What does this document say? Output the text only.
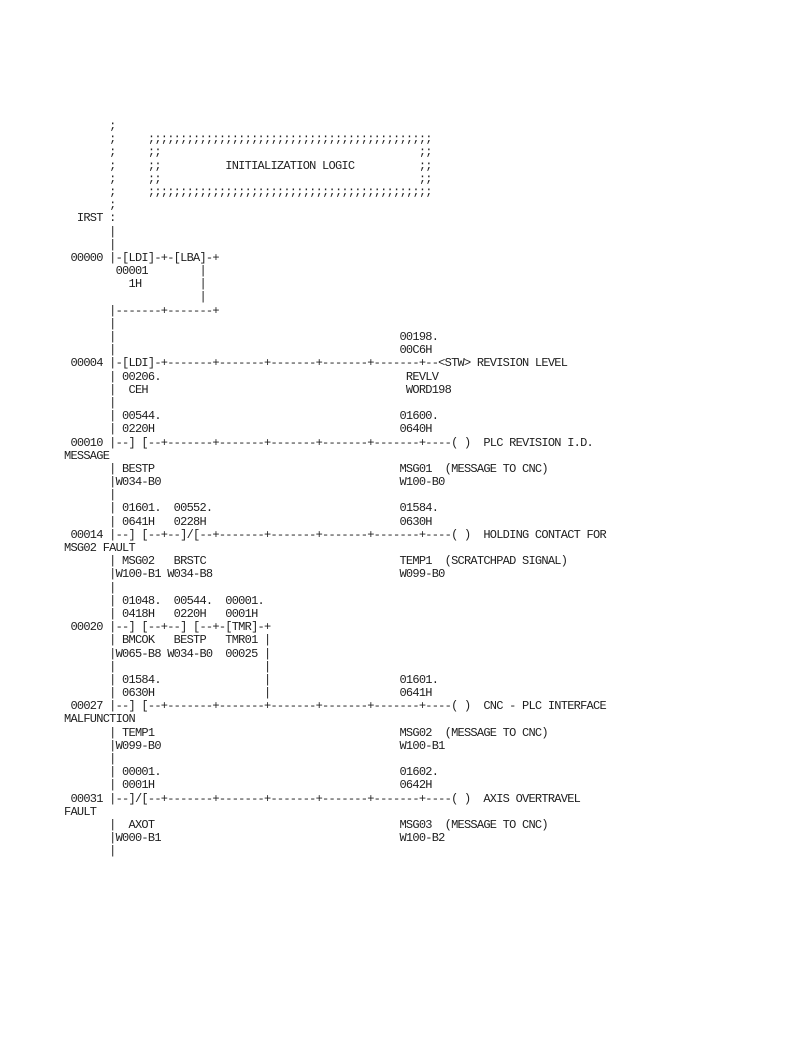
;
;     ;;;;;;;;;;;;;;;;;;;;;;;;;;;;;;;;;;;;;;;;;;;;
;     ;;                                        ;;
;     ;;          INITIALIZATION LOGIC          ;;
;     ;;                                        ;;
;     ;;;;;;;;;;;;;;;;;;;;;;;;;;;;;;;;;;;;;;;;;;;;
;
IRST :
|
|
00000 |-[LDI]-+-[LBA]-+
00001        |
1H         |
|
|-------+-------+
|
|                                            00198.
|                                            00C6H
00004 |-[LDI]-+-------+-------+-------+-------+-------+--<STW> REVISION LEVEL
| 00206.                                      REVLV
|  CEH                                        WORD198
|
| 00544.                                     01600.
| 0220H                                      0640H
00010 |--] [--+-------+-------+-------+-------+-------+----( )  PLC REVISION I.D.
MESSAGE
| BESTP                                      MSG01  (MESSAGE TO CNC)
|W034-B0                                     W100-B0
|
| 01601.  00552.                             01584.
| 0641H   0228H                              0630H
00014 |--] [--+--]/[--+-------+-------+-------+-------+----( )  HOLDING CONTACT FOR
MSG02 FAULT
| MSG02   BRSTC                              TEMP1  (SCRATCHPAD SIGNAL)
|W100-B1 W034-B8                             W099-B0
|
| 01048.  00544.  00001.
| 0418H   0220H   0001H
00020 |--] [--+--] [--+-[TMR]-+
| BMCOK   BESTP   TMR01 |
|W065-B8 W034-B0  00025 |
|                       |
| 01584.                |                    01601.
| 0630H                 |                    0641H
00027 |--] [--+-------+-------+-------+-------+-------+----( )  CNC - PLC INTERFACE
MALFUNCTION
| TEMP1                                      MSG02  (MESSAGE TO CNC)
|W099-B0                                     W100-B1
|
| 00001.                                     01602.
| 0001H                                      0642H
00031 |--]/[--+-------+-------+-------+-------+-------+----( )  AXIS OVERTRAVEL
FAULT
|  AXOT                                      MSG03  (MESSAGE TO CNC)
|W000-B1                                     W100-B2
|
